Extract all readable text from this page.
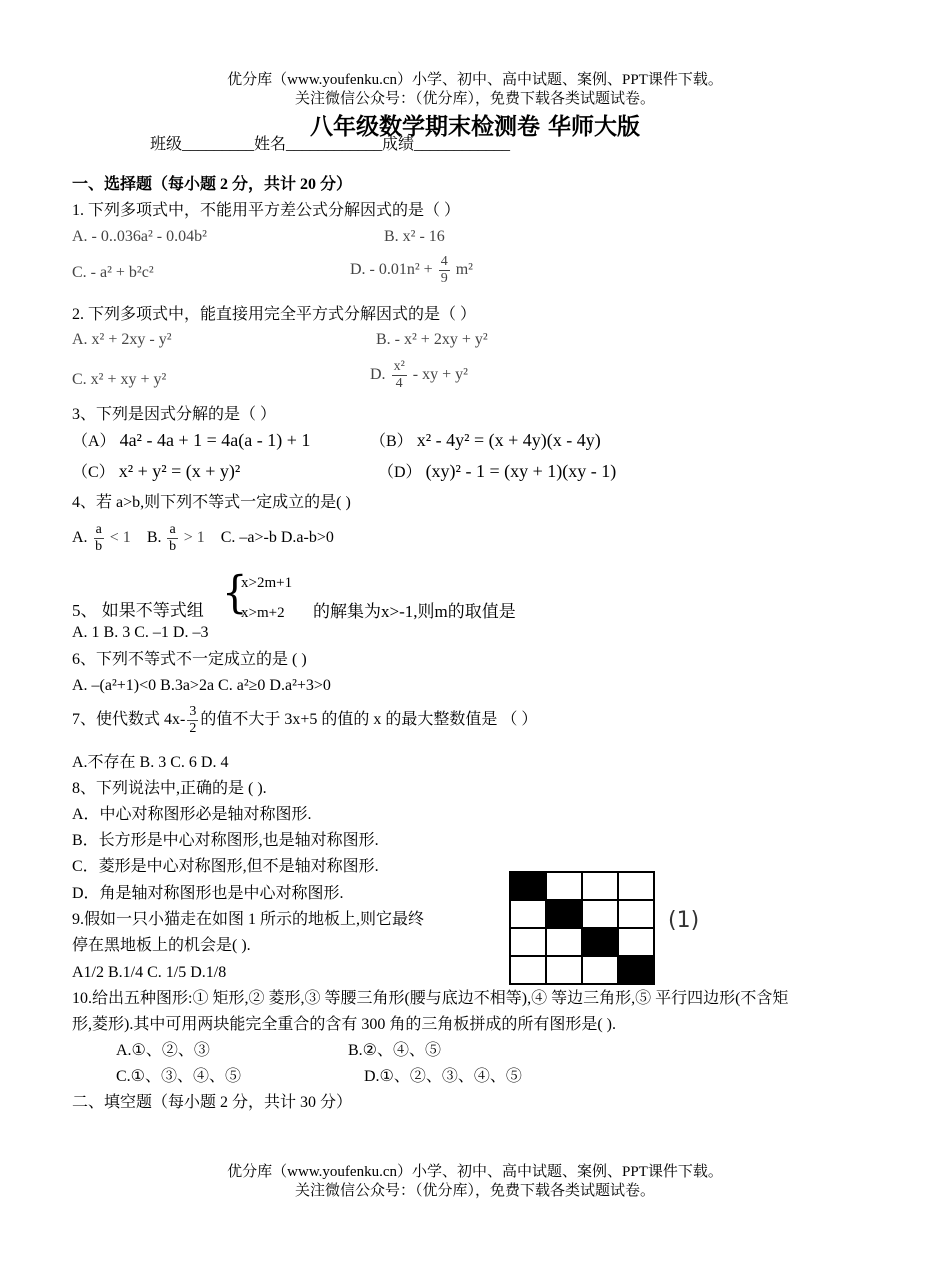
优分库（www.youfenku.cn）小学、初中、高中试题、案例、PPT课件下载。
关注微信公众号：（优分库），免费下载各类试题试卷。
八年级数学期末检测卷 华师大版
班级_________姓名____________成绩____________
一、选择题（每小题 2 分，共计 20 分）
1. 下列多项式中，不能用平方差公式分解因式的是（ ）
A. - 0..036a² - 0.04b²	B. x² - 16
C. - a² + b²c²	D. - $0.01n^2 + \frac{4}{9} m^2$
2. 下列多项式中，能直接用完全平方式分解因式的是（ ）
A. x² + 2xy - y²	B. - x² + 2xy + y²
C. x² + xy + y²	D. $\frac{\text{x²}}{4}$ - xy + y²
3、下列是因式分解的是（ ）
（A） 4a² - 4a + 1 = 4a(a - 1) + 1	（B） x² - 4y² = (x + 4y)(x - 4y)
（C） x² + y² = (x + y)²	（D） (xy)² - 1 = (xy + 1)(xy - 1)
4、若 a>b,则下列不等式一定成立的是( )
A. $\frac{a}{b} < 1$ B. $\frac{a}{b} > 1$ C. –a>-b D.a-b>0
5、 如果不等式组 {
x>2m+1
x>m+2 的解集为x>-1,则m的取值是
A. 1 B. 3 C. –1 D. –3
6、下列不等式不一定成立的是 ( )
A. –(a²+1)<0 B.3a>2a C. a²≥0 D.a²+3>0
7、使代数式 $4x- \frac{3}{2}$ 的值不大于 3x+5 的值的 x 的最大整数值是 （ ）
A.不存在 B. 3 C. 6 D. 4
8、下列说法中,正确的是 ( ).
A．中心对称图形必是轴对称图形.
B．长方形是中心对称图形,也是轴对称图形.
C．菱形是中心对称图形,但不是轴对称图形.
D．角是轴对称图形也是中心对称图形.
9.假如一只小猫走在如图 1 所示的地板上,则它最终
停在黑地板上的机会是( ).
A1/2 B.1/4 C. 1/5 D.1/8

(1)
10.给出五种图形:① 矩形,② 菱形,③ 等腰三角形(腰与底边不相等),④ 等边三角形,⑤ 平行四边形(不含矩
形,菱形).其中可用两块能完全重合的含有 300 角的三角板拼成的所有图形是( ).
A.①、②、③	B.②、④、⑤
C.①、③、④、⑤	D.①、②、③、④、⑤
二、填空题（每小题 2 分，共计 30 分）
优分库（www.youfenku.cn）小学、初中、高中试题、案例、PPT课件下载。
关注微信公众号：（优分库），免费下载各类试题试卷。
